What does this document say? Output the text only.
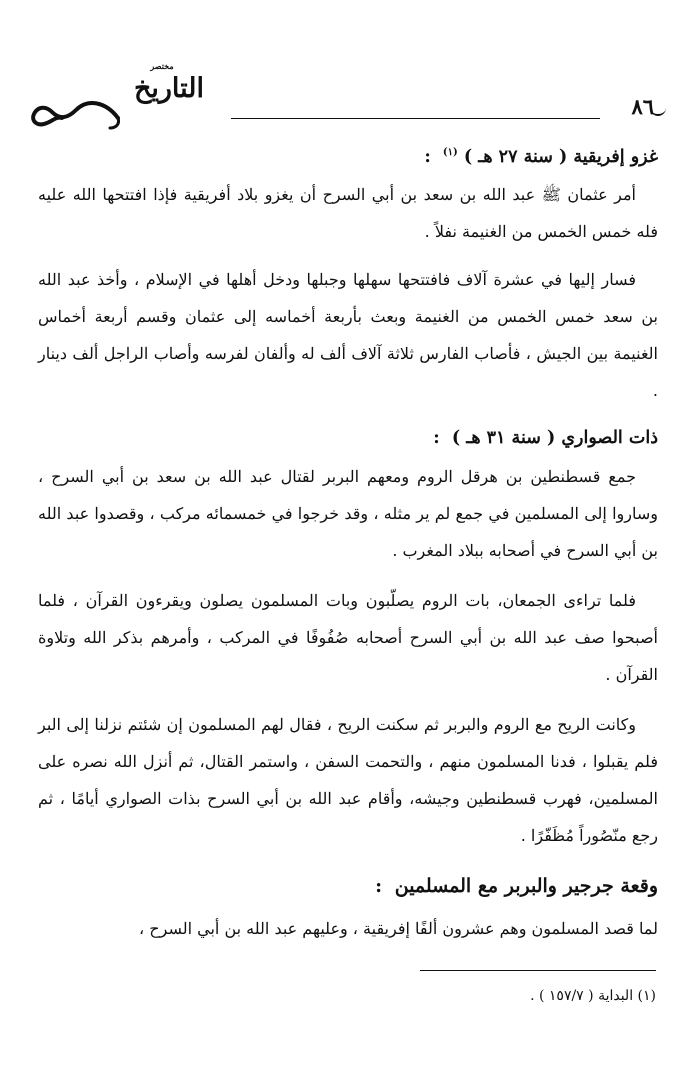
٨٦
مختصر
التاريخ
غزو إفريقية ( سنة ٢٧ هـ ) $^{(١)}$ :

أمر عثمان ﷺ عبد الله بن سعد بن أبي السرح أن يغزو بلاد أفريقية فإذا افتتحها الله عليه فله خمس الخمس من الغنيمة نفلاً .

فسار إليها في عشرة آلاف فافتتحها سهلها وجبلها ودخل أهلها في الإسلام ، وأخذ عبد الله بن سعد خمس الخمس من الغنيمة وبعث بأربعة أخماسه إلى عثمان وقسم أربعة أخماس الغنيمة بين الجيش ، فأصاب الفارس ثلاثة آلاف ألف له وألفان لفرسه وأصاب الراجل ألف دينار .

ذات الصواري ( سنة ٣١ هـ ) :

جمع قسطنطين بن هرقل الروم ومعهم البربر لقتال عبد الله بن سعد بن أبي السرح ، وساروا إلى المسلمين في جمع لم ير مثله ، وقد خرجوا في خمسمائه مركب ، وقصدوا عبد الله بن أبي السرح في أصحابه ببلاد المغرب .

فلما تراءى الجمعان، بات الروم يصلّبون وبات المسلمون يصلون ويقرءون القرآن ، فلما أصبحوا صف عبد الله بن أبي السرح أصحابه صُفُوفًا في المركب ، وأمرهم بذكر الله وتلاوة القرآن .

وكانت الريح مع الروم والبربر ثم سكنت الريح ، فقال لهم المسلمون إن شئتم نزلنا إلى البر فلم يقبلوا ، فدنا المسلمون منهم ، والتحمت السفن ، واستمر القتال، ثم أنزل الله نصره على المسلمين، فهرب قسطنطين وجيشه، وأقام عبد الله بن أبي السرح بذات الصواري أيامًا ، ثم رجع منّصُوراً مُظَفّرًا .

وقعة جرجير والبربر مع المسلمين :

لما قصد المسلمون وهم عشرون ألفًا إفريقية ، وعليهم عبد الله بن أبي السرح ،

(١) البداية ( ١٥٧/٧ ) .
